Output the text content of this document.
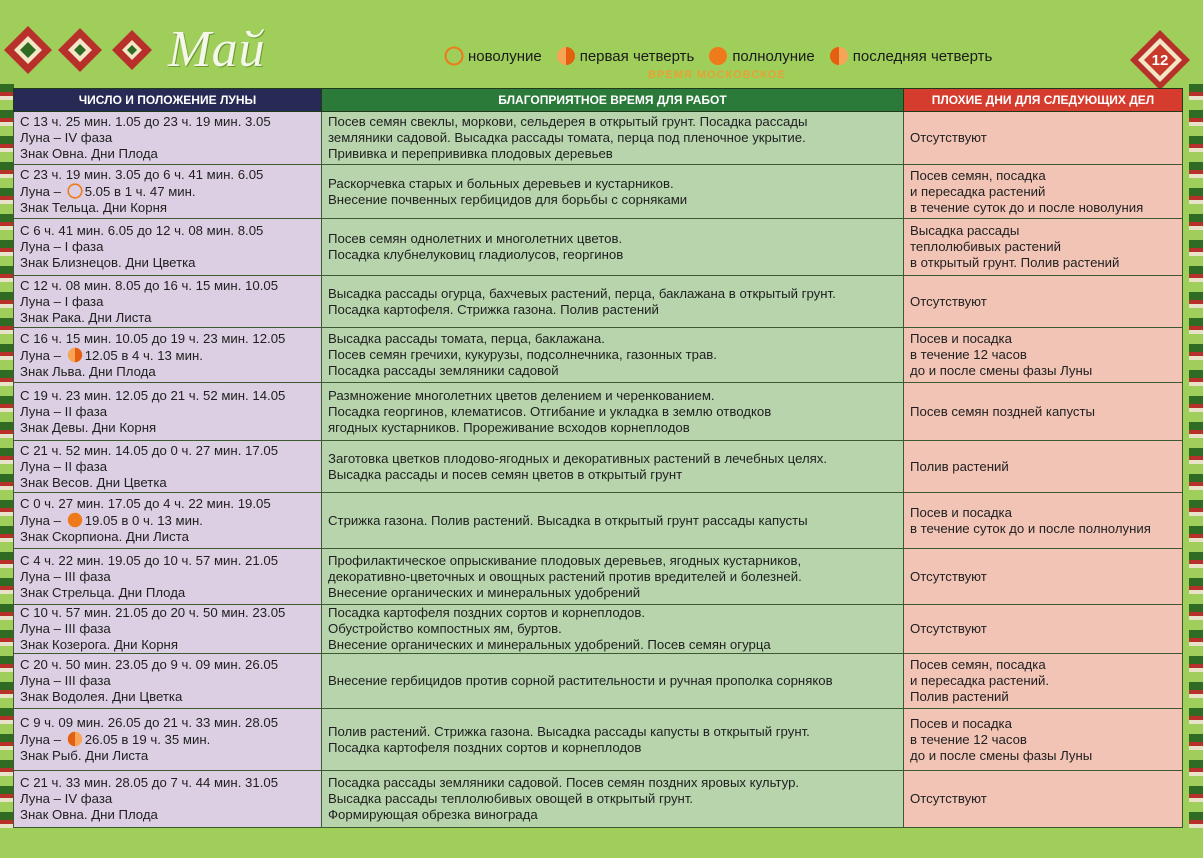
Май	новолуние	первая четверть	полнолуние	последняя четверть
ВРЕМЯ МОСКОВСКОЕ
12
ЧИСЛО И ПОЛОЖЕНИЕ ЛУНЫ	БЛАГОПРИЯТНОЕ ВРЕМЯ ДЛЯ РАБОТ	ПЛОХИЕ ДНИ ДЛЯ СЛЕДУЮЩИХ ДЕЛ

С 13 ч. 25 мин. 1.05 до 23 ч. 19 мин. 3.05
Луна – IV фаза
Знак Овна. Дни Плода	Посев семян свеклы, моркови, сельдерея в открытый грунт. Посадка рассады
земляники садовой. Высадка рассады томата, перца под пленочное укрытие.
Прививка и перепрививка плодовых деревьев	Отсутствуют

С 23 ч. 19 мин. 3.05 до 6 ч. 41 мин. 6.05
Луна – 5.05 в 1 ч. 47 мин.
Знак Тельца. Дни Корня	Раскорчевка старых и больных деревьев и кустарников.
Внесение почвенных гербицидов для борьбы с сорняками	Посев семян, посадка
и пересадка растений
в течение суток до и после новолуния

С 6 ч. 41 мин. 6.05 до 12 ч. 08 мин. 8.05
Луна – I фаза
Знак Близнецов. Дни Цветка	Посев семян однолетних и многолетних цветов.
Посадка клубнелуковиц гладиолусов, георгинов	Высадка рассады
теплолюбивых растений
в открытый грунт. Полив растений

С 12 ч. 08 мин. 8.05 до 16 ч. 15 мин. 10.05
Луна – I фаза
Знак Рака. Дни Листа	Высадка рассады огурца, бахчевых растений, перца, баклажана в открытый грунт.
Посадка картофеля. Стрижка газона. Полив растений	Отсутствуют

С 16 ч. 15 мин. 10.05 до 19 ч. 23 мин. 12.05
Луна – 12.05 в 4 ч. 13 мин.
Знак Льва. Дни Плода	Высадка рассады томата, перца, баклажана.
Посев семян гречихи, кукурузы, подсолнечника, газонных трав.
Посадка рассады земляники садовой	Посев и посадка
в течение 12 часов
до и после смены фазы Луны

С 19 ч. 23 мин. 12.05 до 21 ч. 52 мин. 14.05
Луна – II фаза
Знак Девы. Дни Корня	Размножение многолетних цветов делением и черенкованием.
Посадка георгинов, клематисов. Отгибание и укладка в землю отводков
ягодных кустарников. Прореживание всходов корнеплодов	Посев семян поздней капусты

С 21 ч. 52 мин. 14.05 до 0 ч. 27 мин. 17.05
Луна – II фаза
Знак Весов. Дни Цветка	Заготовка цветков плодово-ягодных и декоративных растений в лечебных целях.
Высадка рассады и посев семян цветов в открытый грунт	Полив растений

С 0 ч. 27 мин. 17.05 до 4 ч. 22 мин. 19.05
Луна – 19.05 в 0 ч. 13 мин.
Знак Скорпиона. Дни Листа	Стрижка газона. Полив растений. Высадка в открытый грунт рассады капусты	Посев и посадка
в течение суток до и после полнолуния

С 4 ч. 22 мин. 19.05 до 10 ч. 57 мин. 21.05
Луна – III фаза
Знак Стрельца. Дни Плода	Профилактическое опрыскивание плодовых деревьев, ягодных кустарников,
декоративно-цветочных и овощных растений против вредителей и болезней.
Внесение органических и минеральных удобрений	Отсутствуют

С 10 ч. 57 мин. 21.05 до 20 ч. 50 мин. 23.05
Луна – III фаза
Знак Козерога. Дни Корня	Посадка картофеля поздних сортов и корнеплодов.
Обустройство компостных ям, буртов.
Внесение органических и минеральных удобрений. Посев семян огурца	Отсутствуют

С 20 ч. 50 мин. 23.05 до 9 ч. 09 мин. 26.05
Луна – III фаза
Знак Водолея. Дни Цветка	Внесение гербицидов против сорной растительности и ручная прополка сорняков	Посев семян, посадка
и пересадка растений.
Полив растений

С 9 ч. 09 мин. 26.05 до 21 ч. 33 мин. 28.05
Луна – 26.05 в 19 ч. 35 мин.
Знак Рыб. Дни Листа	Полив растений. Стрижка газона. Высадка рассады капусты в открытый грунт.
Посадка картофеля поздних сортов и корнеплодов	Посев и посадка
в течение 12 часов
до и после смены фазы Луны

С 21 ч. 33 мин. 28.05 до 7 ч. 44 мин. 31.05
Луна – IV фаза
Знак Овна. Дни Плода	Посадка рассады земляники садовой. Посев семян поздних яровых культур.
Высадка рассады теплолюбивых овощей в открытый грунт.
Формирующая обрезка винограда	Отсутствуют
